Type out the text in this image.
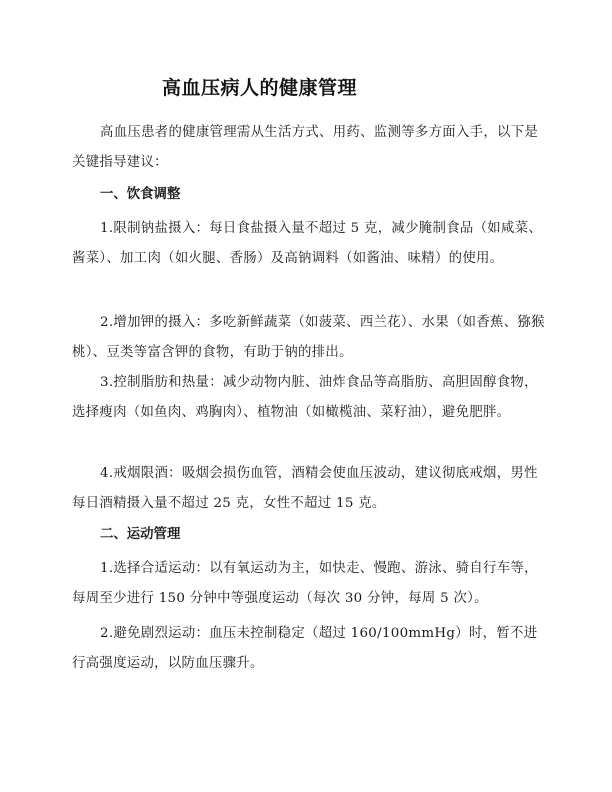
高血压病人的健康管理

高血压患者的健康管理需从生活方式、用药、监测等多方面入手，以下是关键指导建议：

一、饮食调整

1.限制钠盐摄入：每日食盐摄入量不超过 5 克，减少腌制食品（如咸菜、酱菜）、加工肉（如火腿、香肠）及高钠调料（如酱油、味精）的使用。

2.增加钾的摄入：多吃新鲜蔬菜（如菠菜、西兰花）、水果（如香蕉、猕猴桃）、豆类等富含钾的食物，有助于钠的排出。

3.控制脂肪和热量：减少动物内脏、油炸食品等高脂肪、高胆固醇食物，选择瘦肉（如鱼肉、鸡胸肉）、植物油（如橄榄油、菜籽油），避免肥胖。

4.戒烟限酒：吸烟会损伤血管，酒精会使血压波动，建议彻底戒烟，男性每日酒精摄入量不超过 25 克，女性不超过 15 克。

二、运动管理

1.选择合适运动：以有氧运动为主，如快走、慢跑、游泳、骑自行车等，每周至少进行 150 分钟中等强度运动（每次 30 分钟，每周 5 次）。

2.避免剧烈运动：血压未控制稳定（超过 160/100mmHg）时，暂不进行高强度运动，以防血压骤升。
